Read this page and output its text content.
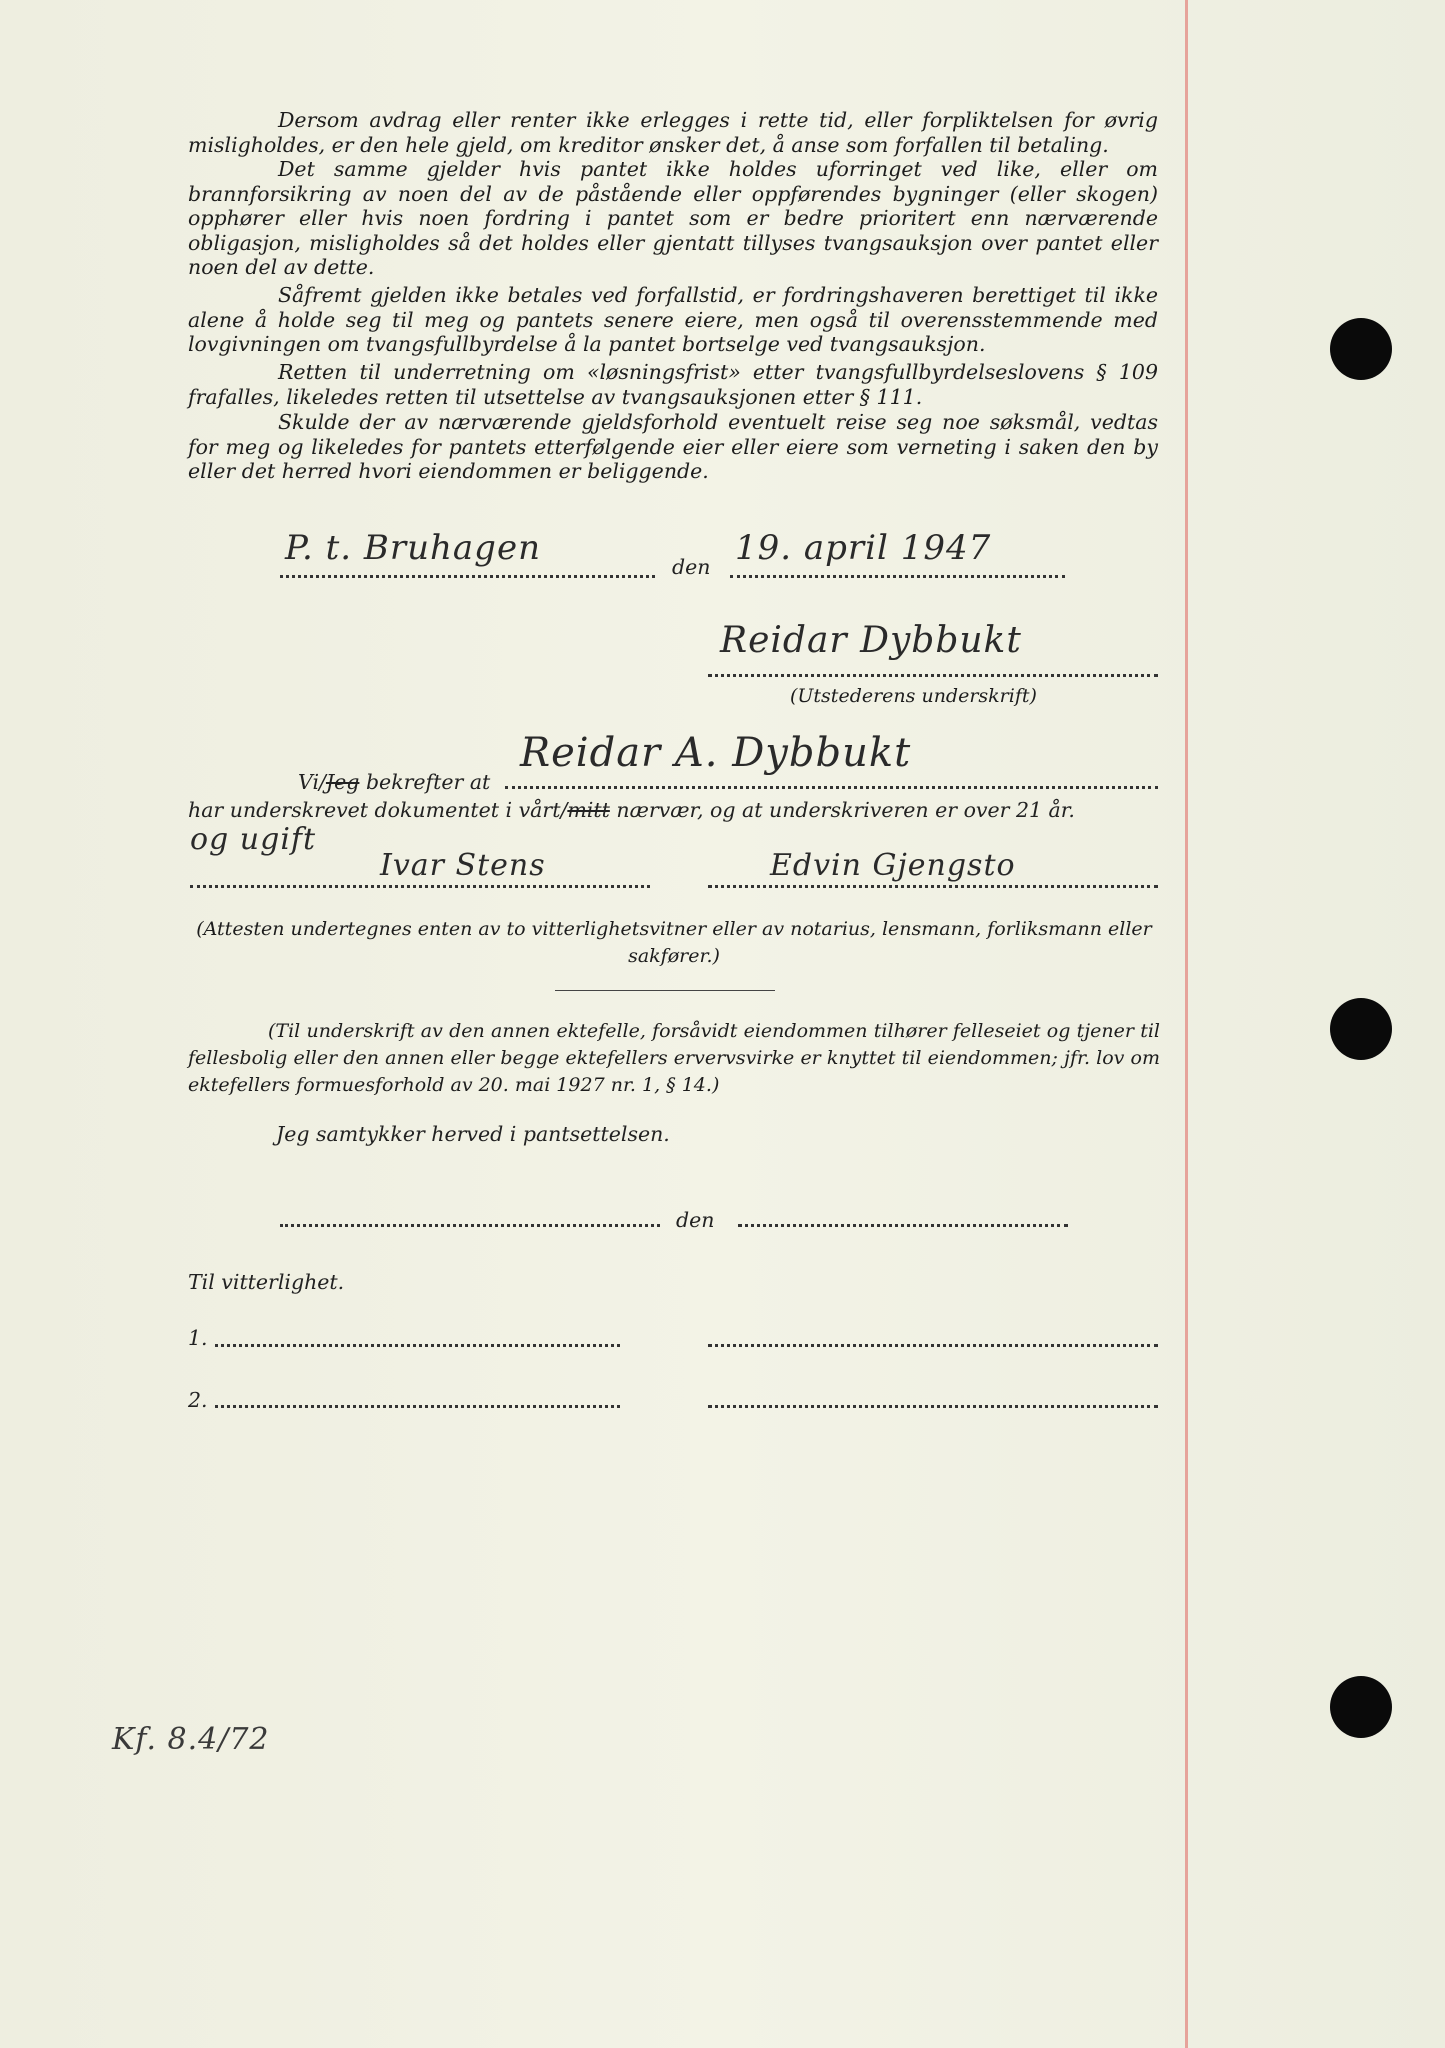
Dersom avdrag eller renter ikke erlegges i rette tid, eller forpliktelsen for øvrig misligholdes, er den hele gjeld, om kreditor ønsker det, å anse som forfallen til betaling.
Det samme gjelder hvis pantet ikke holdes uforringet ved like, eller om brannforsikring av noen del av de påstående eller oppførendes bygninger (eller skogen) opphører eller hvis noen fordring i pantet som er bedre prioritert enn nærværende obligasjon, misligholdes så det holdes eller gjentatt tillyses tvangsauksjon over pantet eller noen del av dette.
Såfremt gjelden ikke betales ved forfallstid, er fordringshaveren berettiget til ikke alene å holde seg til meg og pantets senere eiere, men også til overensstemmende med lovgivningen om tvangsfullbyrdelse å la pantet bortselge ved tvangsauksjon.
Retten til underretning om «løsningsfrist» etter tvangsfullbyrdelseslovens § 109 frafalles, likeledes retten til utsettelse av tvangsauksjonen etter § 111.
Skulde der av nærværende gjeldsforhold eventuelt reise seg noe søksmål, vedtas for meg og likeledes for pantets etterfølgende eier eller eiere som verneting i saken den by eller det herred hvori eiendommen er beliggende.
P. t. Bruhagen	den 19. april 1947
Reidar Dybbukt
(Utstederens underskrift)
Vi/Jeg bekrefter at
Reidar A. Dybbukt
har underskrevet dokumentet i vårt/mitt nærvær, og at underskriveren er over 21 år.
og ugift
Ivar Stens	Edvin Gjengsto
(Attesten undertegnes enten av to vitterlighetsvitner eller av notarius, lensmann, forliksmann eller sakfører.)
(Til underskrift av den annen ektefelle, forsåvidt eiendommen tilhører felleseiet og tjener til fellesbolig eller den annen eller begge ektefellers ervervsvirke er knyttet til eiendommen; jfr. lov om ektefellers formuesforhold av 20. mai 1927 nr. 1, § 14.)
Jeg samtykker herved i pantsettelsen.
den
Til vitterlighet.
1.
2.
Kf. 8.4/72
